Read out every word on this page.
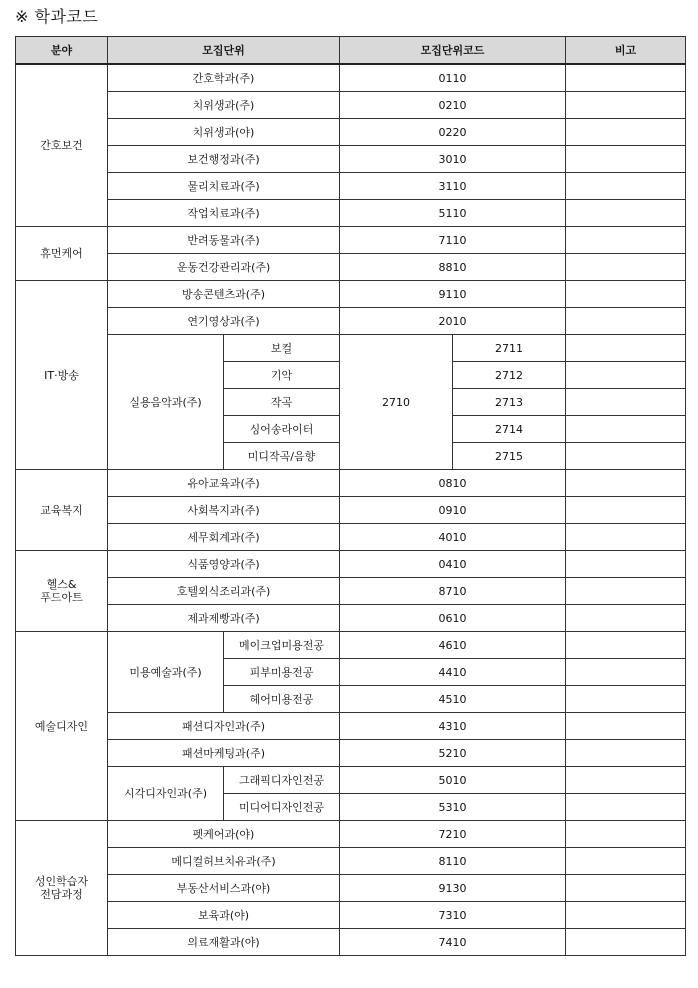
※ 학과코드
분야	모집단위		모집단위코드		비고
간호보건	간호학과(주)		0110		
	치위생과(주)		0210		
	치위생과(야)		0220		
	보건행정과(주)		3010		
	물리치료과(주)		3110		
	작업치료과(주)		5110		
휴먼케어	반려동물과(주)		7110		
	운동건강관리과(주)		8810		
IT·방송	방송콘텐츠과(주)		9110		
	연기영상과(주)		2010		
	실용음악과(주)	보컬	2710	2711	
		기악		2712	
		작곡		2713	
		싱어송라이터		2714	
		미디작곡/음향		2715	
교육복지	유아교육과(주)		0810		
	사회복지과(주)		0910		
	세무회계과(주)		4010		

헬스&
푸드아트	식품영양과(주)		0410		
	호텔외식조리과(주)		8710		
	제과제빵과(주)		0610		
예술디자인	미용예술과(주)	메이크업미용전공	4610		
		피부미용전공	4410		
		헤어미용전공	4510		
	패션디자인과(주)		4310		
	패션마케팅과(주)		5210		
	시각디자인과(주)	그래픽디자인전공	5010		
		미디어디자인전공	5310		

성인학습자
전담과정	펫케어과(야)		7210		
	메디컬허브치유과(주)		8110		
	부동산서비스과(야)		9130		
	보육과(야)		7310		
	의료재활과(야)		7410		
